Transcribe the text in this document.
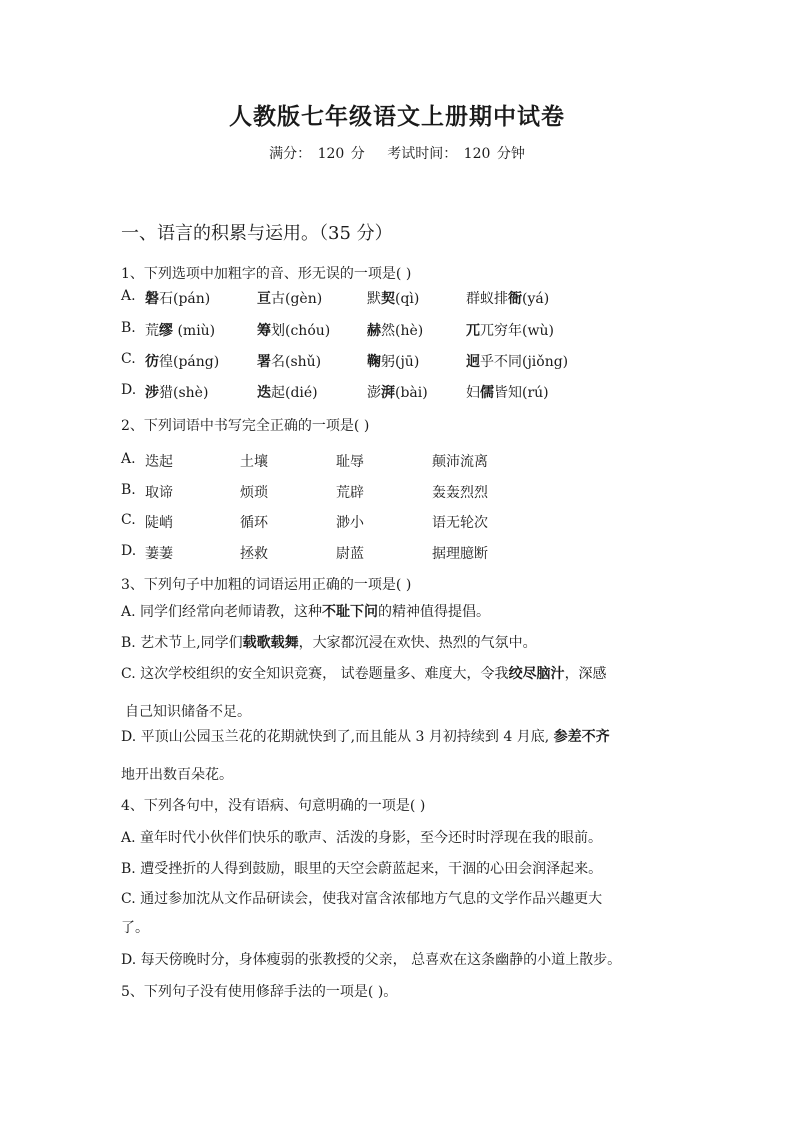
人教版七年级语文上册期中试卷
满分： 120 分 考试时间： 120 分钟
一、语言的积累与运用。（35 分）
1、下列选项中加粗字的音、形无误的一项是( )
A. 磐石(pán)	亘古(gèn)	默契(qì)	群蚁排衙(yá)
B. 荒缪 (miù)	筹划(chóu)	赫然(hè)	兀兀穷年(wù)
C. 彷徨(páng)	署名(shǔ)	鞠躬(jū)	迥乎不同(jiǒng)
D. 涉猎(shè)	迭起(dié)	澎湃(bài)	妇儒皆知(rú)
2、下列词语中书写完全正确的一项是( )
A. 迭起	土壤	耻辱	颠沛流离
B. 取谛	烦琐	荒辟	轰轰烈烈
C. 陡峭	循环	渺小	语无轮次
D. 萋萋	拯救	尉蓝	据理臆断
3、下列句子中加粗的词语运用正确的一项是( )
A. 同学们经常向老师请教，这种不耻下问的精神值得提倡。
B. 艺术节上,同学们载歌载舞，大家都沉浸在欢快、热烈的气氛中。
C. 这次学校组织的安全知识竞赛， 试卷题量多、难度大，令我绞尽脑汁，深感
自己知识储备不足。
D. 平顶山公园玉兰花的花期就快到了,而且能从 3 月初持续到 4 月底, 参差不齐
地开出数百朵花。
4、下列各句中，没有语病、句意明确的一项是( )
A. 童年时代小伙伴们快乐的歌声、活泼的身影，至今还时时浮现在我的眼前。
B. 遭受挫折的人得到鼓励，眼里的天空会蔚蓝起来，干涸的心田会润泽起来。
C. 通过参加沈从文作品研读会，使我对富含浓郁地方气息的文学作品兴趣更大
了。
D. 每天傍晚时分，身体瘦弱的张教授的父亲， 总喜欢在这条幽静的小道上散步。
5、下列句子没有使用修辞手法的一项是( )。
